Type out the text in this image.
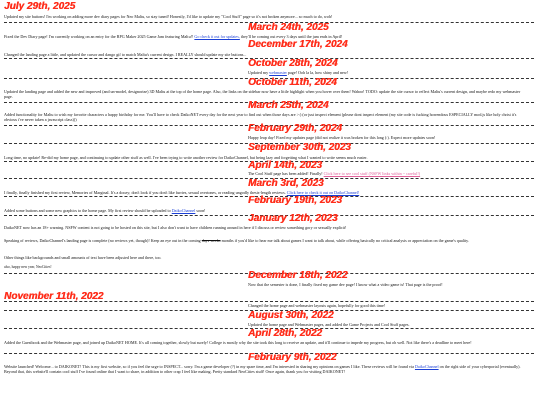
July 29th, 2025
Updated my site buttons! I'm working on adding more dev diary pages for Neo Maltu, so stay tuned! Honestly, I'd like to update my "Cool Stuff" page so it's not broken anymore... so much to do, woh!
March 24th, 2025
Fixed the Dev Diary page! I'm currently working on an entry for the RPG Maker 2025 Game Jam featuring Maltu!! Go check it out for updates, they'll be coming out every 3 days until the jam ends in April!
December 17th, 2024
Changed the landing page a little, and updated the cursor and dango gif to match Maltu's current design. I REALLY should update my site buttons...
October 28th, 2024
Updated my webmaster page! Ooh la la, how shiny and new!
October 11th, 2024
Updated the landing page and added the new and improved (and un-model, designorize) 3D Maltu at the top of the home page. Also, the links on the sidebar now have a little highlight when you hover over them! Wahoo! TODO: update the site cursor to reflect Maltu's current design, and maybe redo my webmaster page.
March 25th, 2024
Added functionality for Maltu to wish my favorite characters a happy birthday for me. You'll have to check DaikoNET every day for the next year to find out when those days are >:) (or just inspect element (please dont inspect element (my site code is fucking horrendous ESPECIALLY mod.js like holy christ it's obvious i've never taken a javascript class)))
February 29th, 2024
Happy leap day! Fixed my updates page (did not realize it was broken for this long (:). Expect more updates soon!
September 30th, 2023
Long time, no update! Re-did my home page, and continuing to update other stuff as well. I've been trying to write another review for DaikoChannel, but being lazy and forgetting what I wanted to write seems much easier.
April 14th, 2023
The Cool Stuff page has been added! Finally! Click here to see cool stuff (NSFW links within ~ careful!)
March 3rd, 2023
I finally, finally finished my first review, Memories of Marginal. It's a doozy; don't look if you don't like furries, sexual overtones, or reading ungodly thesis-length reviews. Click here to check it out on DaikoChannel!
February 19th, 2023
Added some buttons and some new graphics to the home page. My first review should be uploaded to DaikoChannel soon!
January 12th, 2023
DaikoNET now has an 18+ warning. NSFW content is not going to be hosted on this site, but I also don't want to have children running around in here if I discuss or review something gory or sexually explicit!
Speaking of reviews, DaikoChannel's landing page is complete (no reviews yet, though)! Keep an eye out in the coming days weeks months if you'd like to hear me talk about games I want to talk about, while offering basically no critical analysis or appreciation on the game's quality.
Other things like backgrounds and small amounts of text have been adjusted here and there, too.
also, happy new year, NeoCities!
December 18th, 2022
Now that the semester is done, I finally fixed my game dev page! I know what a video game is! That page is the proof!
November 11th, 2022
Changed the home page and webmaster layouts again, hopefully for good this time!
August 30th, 2022
Updated the home page and Webmaster pages, and added the Game Projects and Cool Stuff pages.
April 28th, 2022
Added the Guestbook and the Webmaster page, and joined up DaikoNET HOME. It's all coming together, slowly but surely! College is mostly why the site took this long to receive an update, and it'll continue to impede my progress, but oh well. Not like there's a deadline to meet here!
February 9th, 2022
Website launched! Welcome... to DAIKONET! This is my first website, so if you feel the urge to INSPECT... sorry. I'm a game developer (?) in my spare time, and I'm interested in sharing my opinions on games I like. These reviews will be found via DaikoChannel on the right side of your cyberportal (eventually). Beyond that, this website'll contain cool stuff I've found online that I want to share, in addition to other crap I feel like making. Pretty standard NeoCities stuff! Once again, thank you for visiting DAIKONET!
